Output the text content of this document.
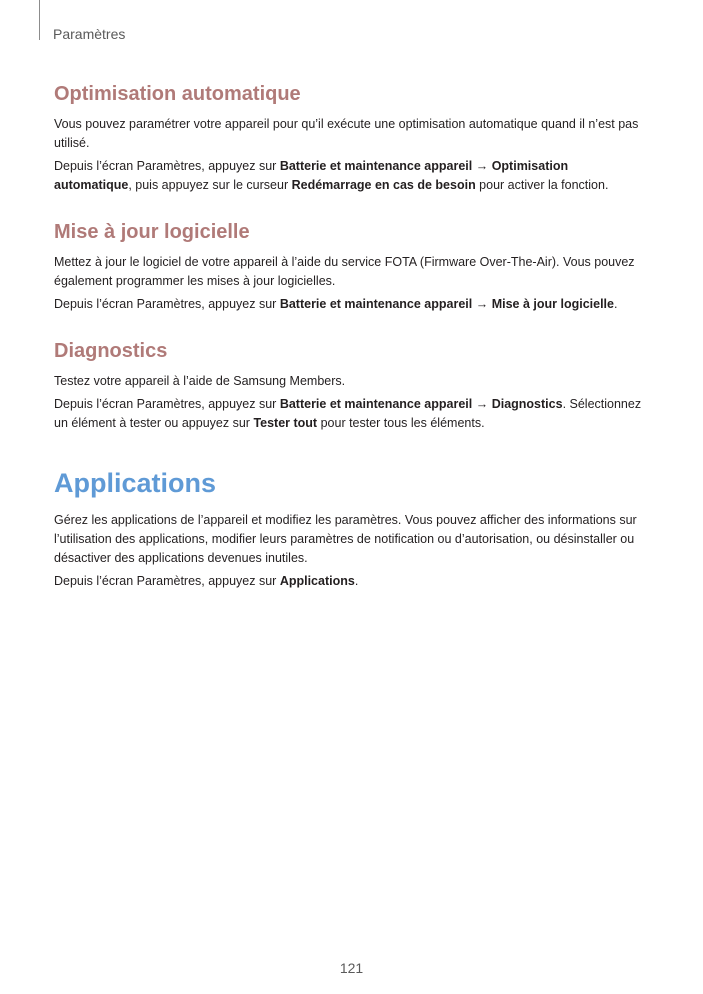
Paramètres
Optimisation automatique

Vous pouvez paramétrer votre appareil pour qu’il exécute une optimisation automatique quand il n’est pas utilisé.

Depuis l’écran Paramètres, appuyez sur Batterie et maintenance appareil → Optimisation automatique, puis appuyez sur le curseur Redémarrage en cas de besoin pour activer la fonction.

Mise à jour logicielle

Mettez à jour le logiciel de votre appareil à l’aide du service FOTA (Firmware Over-The-Air). Vous pouvez également programmer les mises à jour logicielles.

Depuis l’écran Paramètres, appuyez sur Batterie et maintenance appareil → Mise à jour logicielle.

Diagnostics

Testez votre appareil à l’aide de Samsung Members.

Depuis l’écran Paramètres, appuyez sur Batterie et maintenance appareil → Diagnostics. Sélectionnez un élément à tester ou appuyez sur Tester tout pour tester tous les éléments.

Applications

Gérez les applications de l’appareil et modifiez les paramètres. Vous pouvez afficher des informations sur l’utilisation des applications, modifier leurs paramètres de notification ou d’autorisation, ou désinstaller ou désactiver des applications devenues inutiles.

Depuis l’écran Paramètres, appuyez sur Applications.

121
